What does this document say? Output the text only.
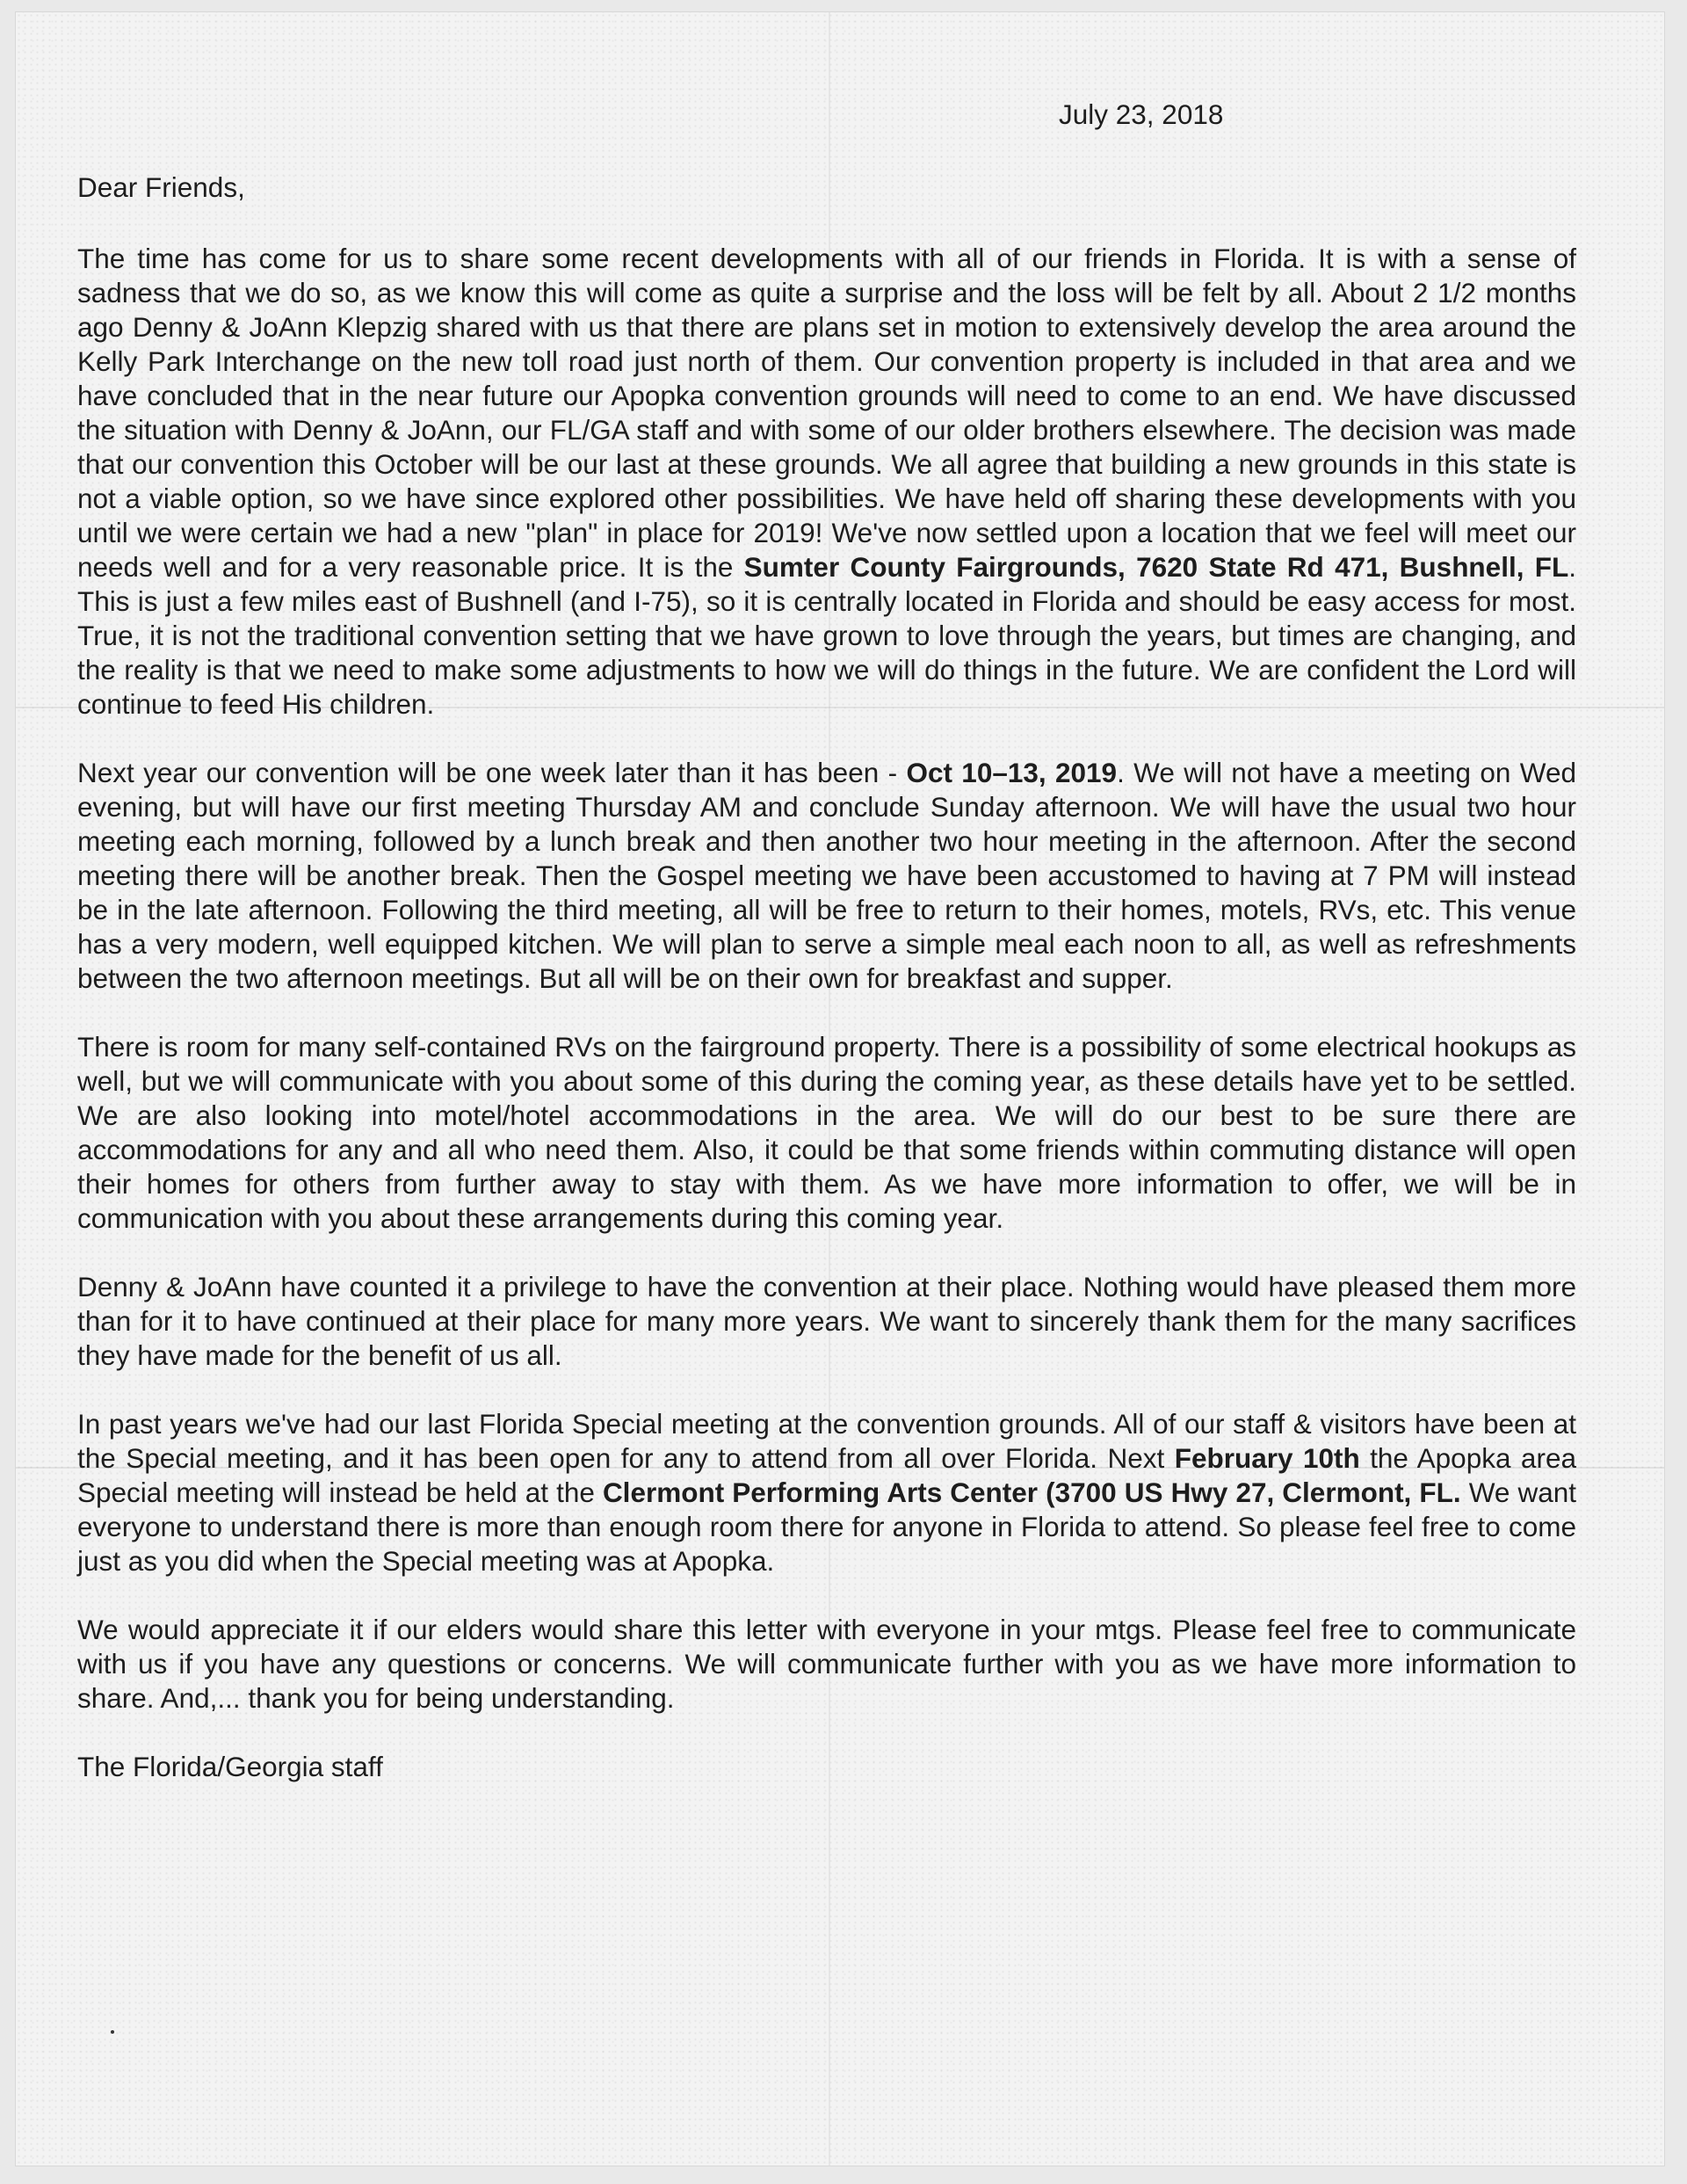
July 23, 2018

Dear Friends,

The time has come for us to share some recent developments with all of our friends in Florida. It is with a sense of sadness that we do so, as we know this will come as quite a surprise and the loss will be felt by all. About 2 1/2 months ago Denny & JoAnn Klepzig shared with us that there are plans set in motion to extensively develop the area around the Kelly Park Interchange on the new toll road just north of them. Our convention property is included in that area and we have concluded that in the near future our Apopka convention grounds will need to come to an end. We have discussed the situation with Denny & JoAnn, our FL/GA staff and with some of our older brothers elsewhere. The decision was made that our convention this October will be our last at these grounds. We all agree that building a new grounds in this state is not a viable option, so we have since explored other possibilities. We have held off sharing these developments with you until we were certain we had a new "plan" in place for 2019! We've now settled upon a location that we feel will meet our needs well and for a very reasonable price. It is the Sumter County Fairgrounds, 7620 State Rd 471, Bushnell, FL. This is just a few miles east of Bushnell (and I-75), so it is centrally located in Florida and should be easy access for most. True, it is not the traditional convention setting that we have grown to love through the years, but times are changing, and the reality is that we need to make some adjustments to how we will do things in the future. We are confident the Lord will continue to feed His children.

Next year our convention will be one week later than it has been - Oct 10–13, 2019. We will not have a meeting on Wed evening, but will have our first meeting Thursday AM and conclude Sunday afternoon. We will have the usual two hour meeting each morning, followed by a lunch break and then another two hour meeting in the afternoon. After the second meeting there will be another break. Then the Gospel meeting we have been accustomed to having at 7 PM will instead be in the late afternoon. Following the third meeting, all will be free to return to their homes, motels, RVs, etc. This venue has a very modern, well equipped kitchen. We will plan to serve a simple meal each noon to all, as well as refreshments between the two afternoon meetings. But all will be on their own for breakfast and supper.

There is room for many self-contained RVs on the fairground property. There is a possibility of some electrical hookups as well, but we will communicate with you about some of this during the coming year, as these details have yet to be settled. We are also looking into motel/hotel accommodations in the area. We will do our best to be sure there are accommodations for any and all who need them. Also, it could be that some friends within commuting distance will open their homes for others from further away to stay with them. As we have more information to offer, we will be in communication with you about these arrangements during this coming year.

Denny & JoAnn have counted it a privilege to have the convention at their place. Nothing would have pleased them more than for it to have continued at their place for many more years. We want to sincerely thank them for the many sacrifices they have made for the benefit of us all.

In past years we've had our last Florida Special meeting at the convention grounds. All of our staff & visitors have been at the Special meeting, and it has been open for any to attend from all over Florida. Next February 10th the Apopka area Special meeting will instead be held at the Clermont Performing Arts Center (3700 US Hwy 27, Clermont, FL. We want everyone to understand there is more than enough room there for anyone in Florida to attend. So please feel free to come just as you did when the Special meeting was at Apopka.

We would appreciate it if our elders would share this letter with everyone in your mtgs. Please feel free to communicate with us if you have any questions or concerns. We will communicate further with you as we have more information to share. And,... thank you for being understanding.

The Florida/Georgia staff
